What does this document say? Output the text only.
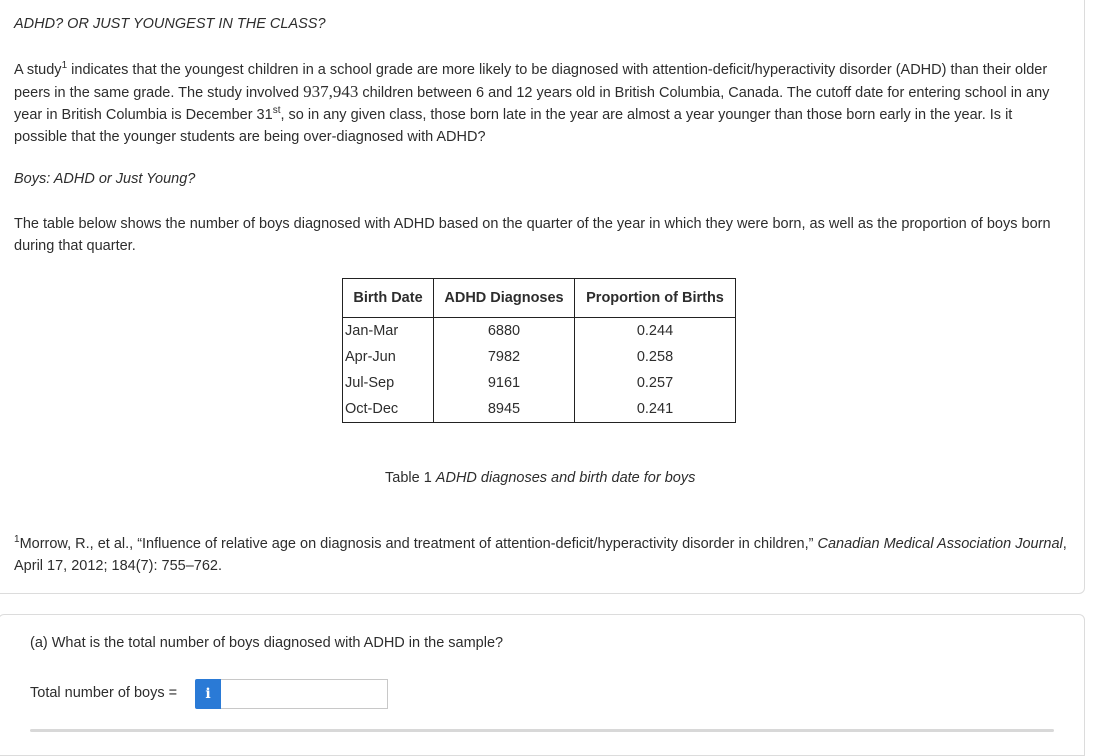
ADHD? OR JUST YOUNGEST IN THE CLASS?
A study$^1$ indicates that the youngest children in a school grade are more likely to be diagnosed with attention-deficit/hyperactivity disorder (ADHD) than their older peers in the same grade. The study involved 937,943 children between 6 and 12 years old in British Columbia, Canada. The cutoff date for entering school in any year in British Columbia is December 31st, so in any given class, those born late in the year are almost a year younger than those born early in the year. Is it possible that the younger students are being over-diagnosed with ADHD?
Boys: ADHD or Just Young?
The table below shows the number of boys diagnosed with ADHD based on the quarter of the year in which they were born, as well as the proportion of boys born during that quarter.
Birth Date	ADHD Diagnoses	Proportion of Births
Jan-Mar	6880	0.244
Apr-Jun	7982	0.258
Jul-Sep	9161	0.257
Oct-Dec	8945	0.241
Table 1 ADHD diagnoses and birth date for boys
$^1$Morrow, R., et al., “Influence of relative age on diagnosis and treatment of attention-deficit/hyperactivity disorder in children,” Canadian Medical Association Journal, April 17, 2012; 184(7): 755–762.
(a) What is the total number of boys diagnosed with ADHD in the sample?
Total number of boys =	i
